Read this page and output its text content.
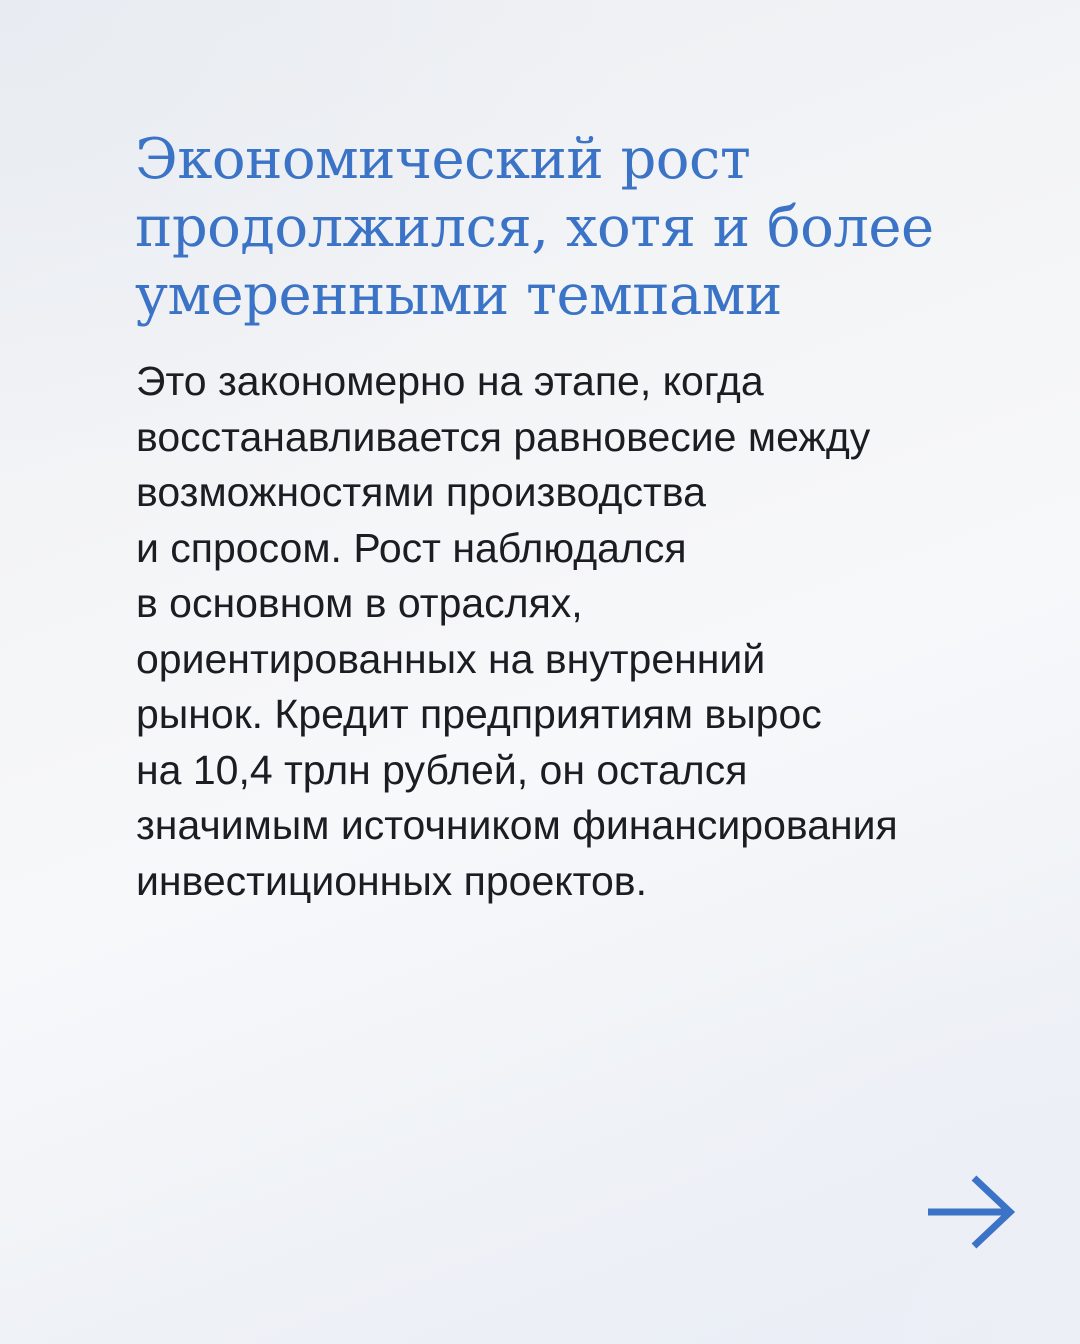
Экономический рост
продолжился, хотя и более
умеренными темпами
Это закономерно на этапе, когда
восстанавливается равновесие между
возможностями производства
и спросом. Рост наблюдался
в основном в отраслях,
ориентированных на внутренний
рынок. Кредит предприятиям вырос
на 10,4 трлн рублей, он остался
значимым источником финансирования
инвестиционных проектов.
